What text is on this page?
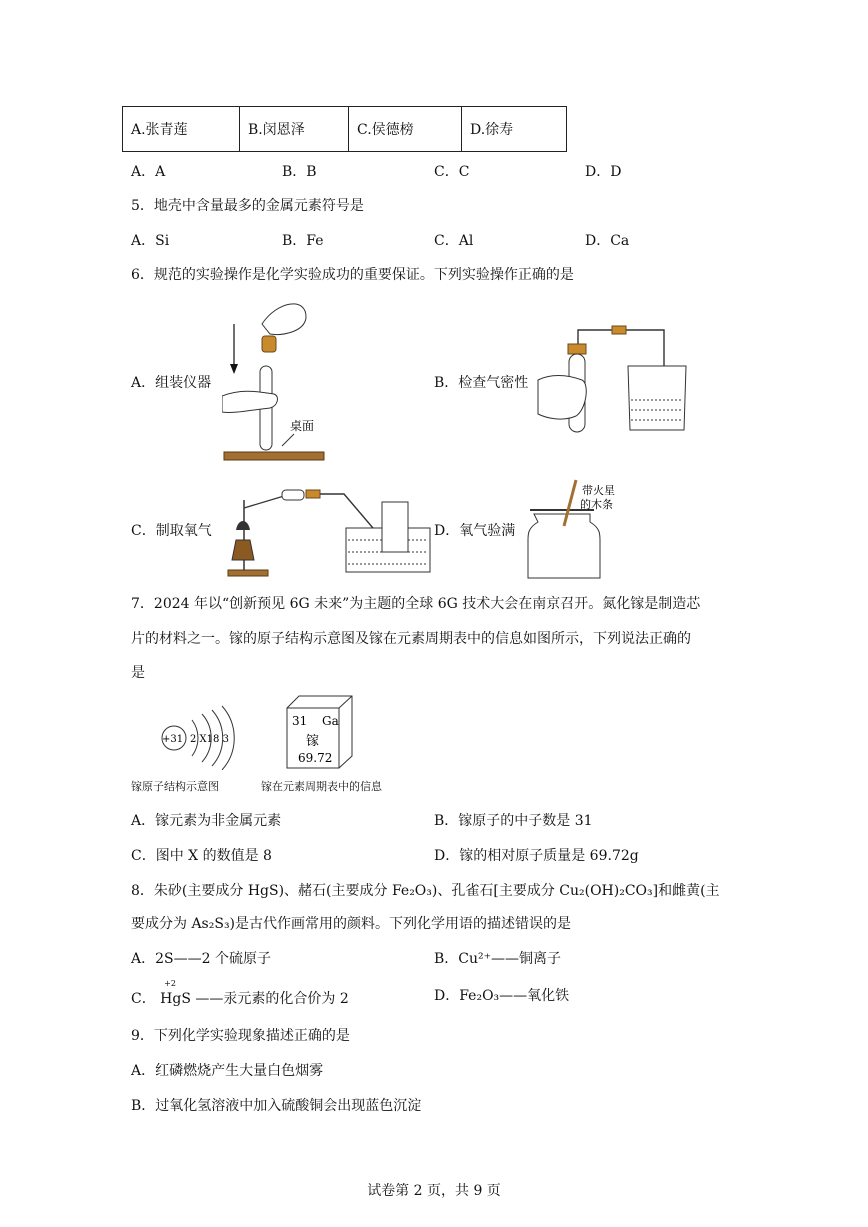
A.张青莲	B.闵恩泽	C.侯德榜	D.徐寿
A．A	B．B	C．C	D．D
5．地壳中含量最多的金属元素符号是
A．Si	B．Fe	C．Al	D．Ca
6．规范的实验操作是化学实验成功的重要保证。下列实验操作正确的是
A．组装仪器
桌面
B．检查气密性
C．制取氧气	D．氧气验满
带火星
的木条
7．2024 年以“创新预见 6G 未来”为主题的全球 6G 技术大会在南京召开。氮化镓是制造芯
片的材料之一。镓的原子结构示意图及镓在元素周期表中的信息如图所示，下列说法正确的
是
+31 2 X18 3
镓原子结构示意图
31 Ga
镓
69.72
镓在元素周期表中的信息
A．镓元素为非金属元素	B．镓原子的中子数是 31
C．图中 X 的数值是 8	D．镓的相对原子质量是 69.72g
8．朱砂(主要成分 HgS)、赭石(主要成分 Fe₂O₃)、孔雀石[主要成分 Cu₂(OH)₂CO₃]和雌黄(主
要成分为 As₂S₃)是古代作画常用的颜料。下列化学用语的描述错误的是
A．2S——2 个硫原子	B．Cu²⁺——铜离子
C．
+2
HgS ——汞元素的化合价为 2	D．Fe₂O₃——氧化铁
9．下列化学实验现象描述正确的是
A．红磷燃烧产生大量白色烟雾
B．过氧化氢溶液中加入硫酸铜会出现蓝色沉淀
试卷第 2 页，共 9 页
